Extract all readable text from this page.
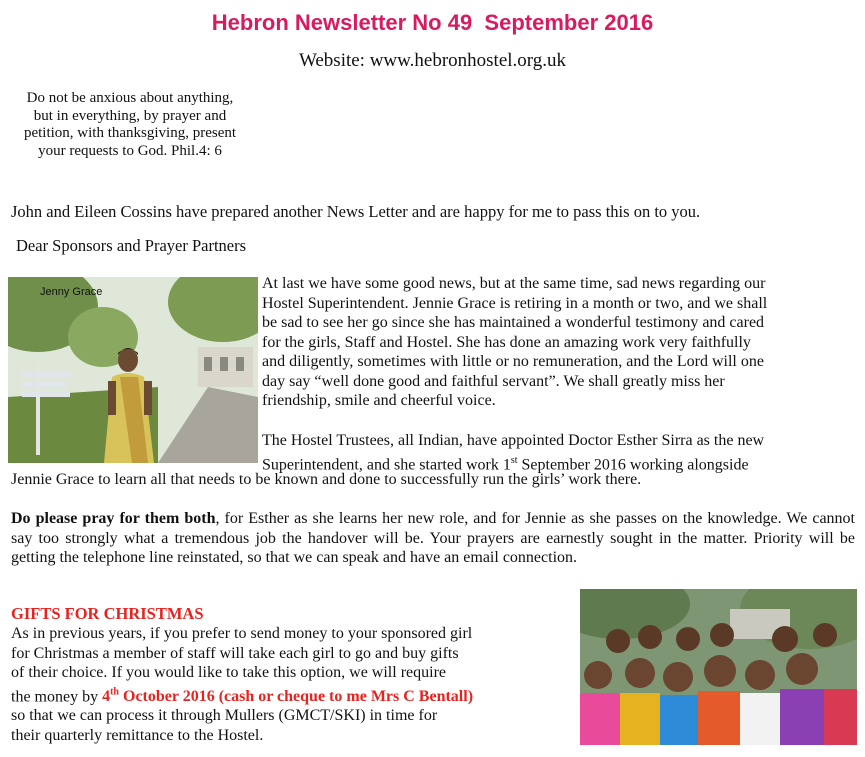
Hebron Newsletter No 49  September 2016
Website: www.hebronhostel.org.uk
Do not be anxious about anything,
but in everything, by prayer and
petition, with thanksgiving, present
your requests to God. Phil.4: 6
John and Eileen Cossins have prepared another News Letter and are happy for me to pass this on to you.
Dear Sponsors and Prayer Partners
Jenny Grace	At last we have some good news, but at the same time, sad news regarding our
Hostel Superintendent. Jennie Grace is retiring in a month or two, and we shall
be sad to see her go since she has maintained a wonderful testimony and cared
for the girls, Staff and Hostel. She has done an amazing work very faithfully
and diligently, sometimes with little or no remuneration, and the Lord will one
day say “well done good and faithful servant”. We shall greatly miss her
friendship, smile and cheerful voice.
The Hostel Trustees, all Indian, have appointed Doctor Esther Sirra as the new
Superintendent, and she started work 1st September 2016 working alongside
Jennie Grace to learn all that needs to be known and done to successfully run the girls’ work there.
Do please pray for them both, for Esther as she learns her new role, and for Jennie as she passes on the knowledge. We cannot say too strongly what a tremendous job the handover will be. Your prayers are earnestly sought in the matter. Priority will be getting the telephone line reinstated, so that we can speak and have an email connection.
GIFTS FOR CHRISTMAS
As in previous years, if you prefer to send money to your sponsored girl
for Christmas a member of staff will take each girl to go and buy gifts
of their choice. If you would like to take this option, we will require
the money by 4th October 2016 (cash or cheque to me Mrs C Bentall)
so that we can process it through Mullers (GMCT/SKI) in time for
their quarterly remittance to the Hostel.
